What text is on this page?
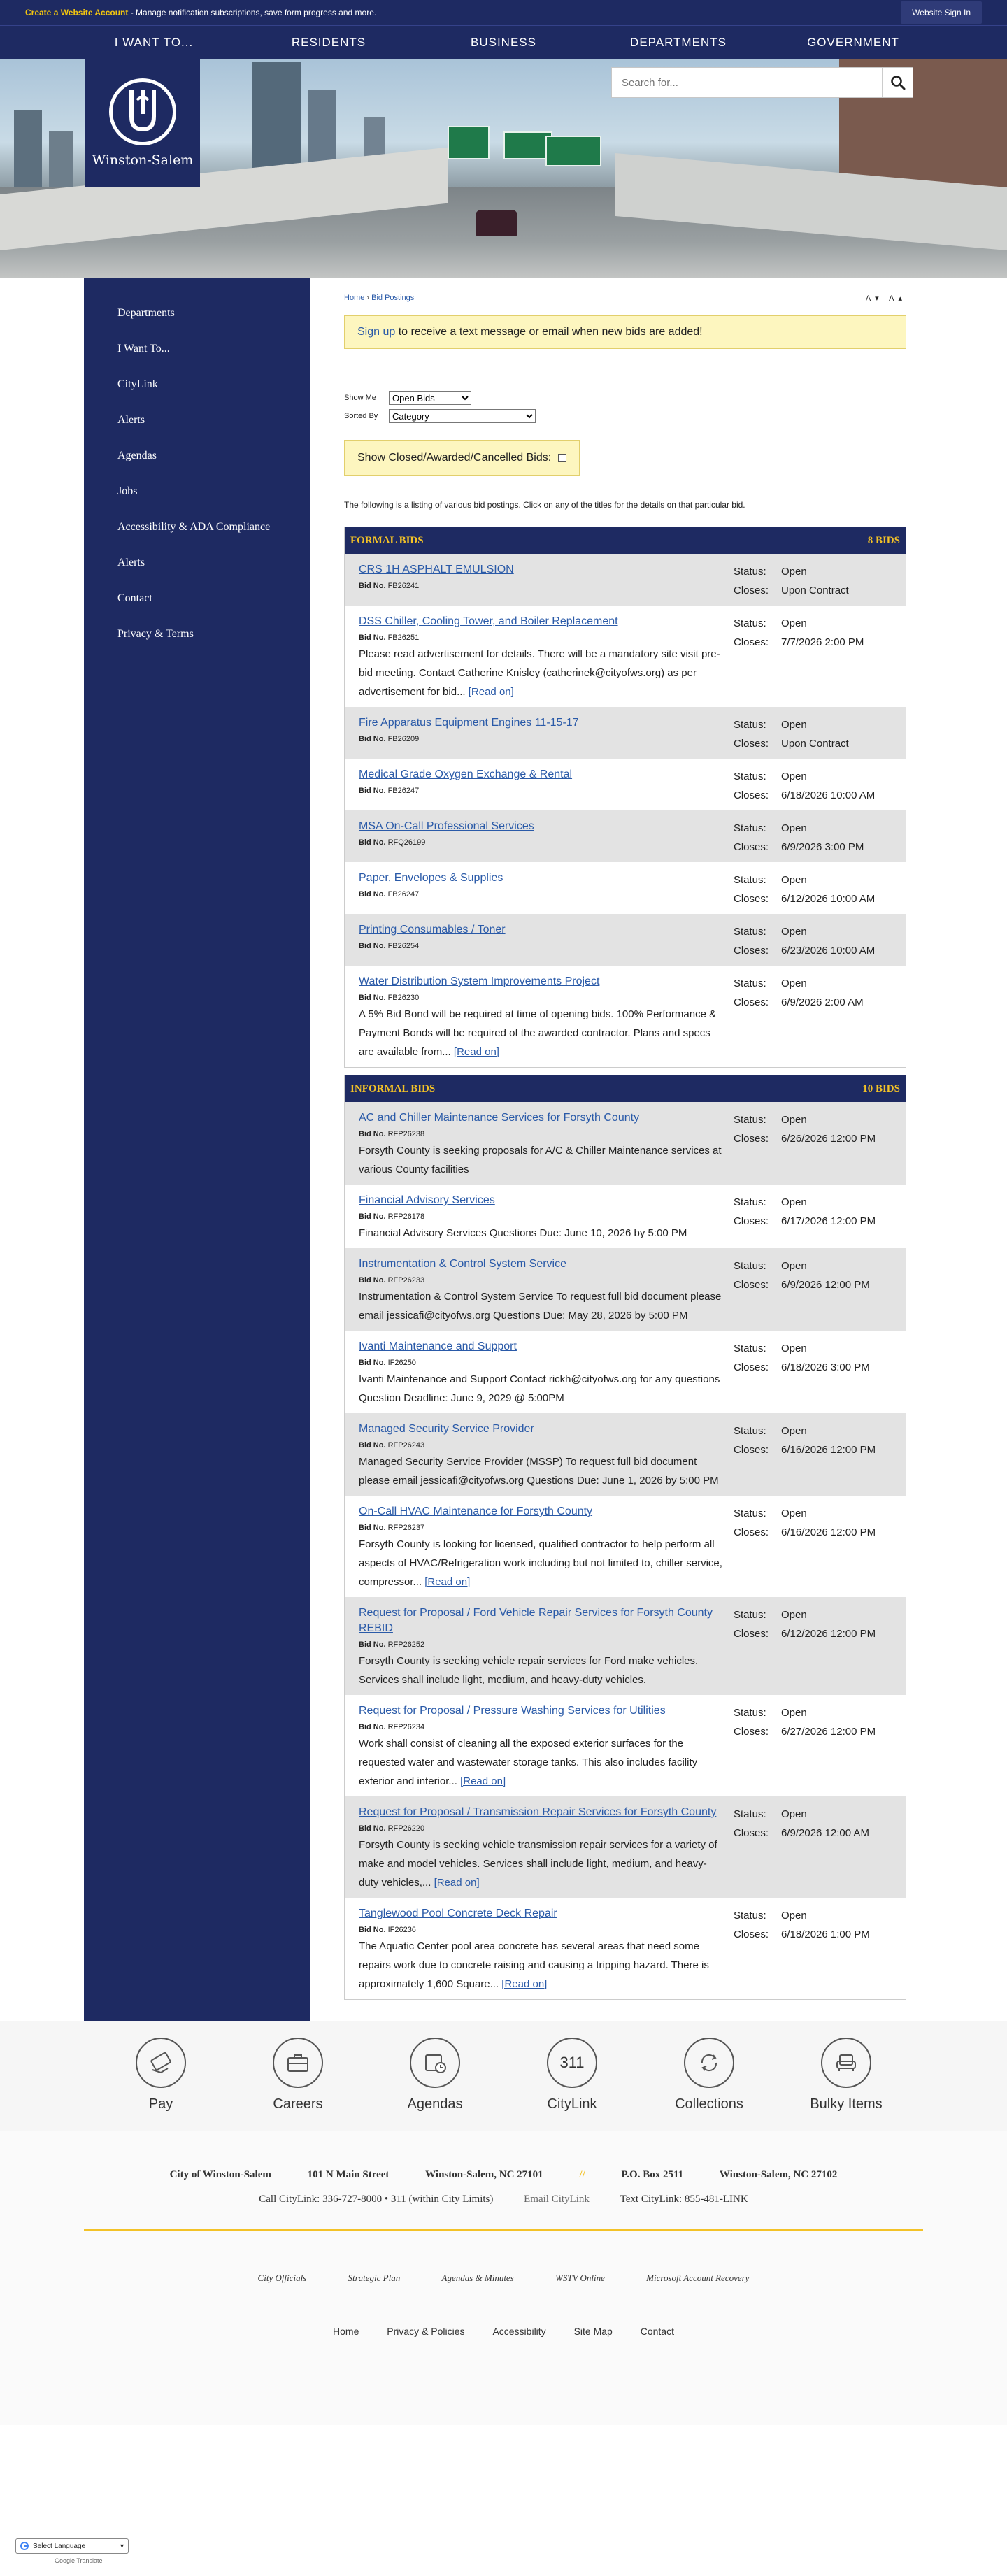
Create a Website Account - Manage notification subscriptions, save form progress and more.	Website Sign In
I WANT TO...	RESIDENTS	BUSINESS	DEPARTMENTS	GOVERNMENT
Winston-Salem
Search for...
Departments
I Want To...
CityLink
Alerts
Agendas
Jobs
Accessibility & ADA Compliance
Alerts
Contact
Privacy & Terms
Home › Bid Postings	A▾ A▴
Sign up to receive a text message or email when new bids are added!
Show Me
Open Bids
Sorted By
Category
Show Closed/Awarded/Cancelled Bids:
The following is a listing of various bid postings. Click on any of the titles for the details on that particular bid.
FORMAL BIDS	8 BIDS
CRS 1H ASPHALT EMULSION
Bid No. FB26241
Status:	Open
Closes:	Upon Contract
DSS Chiller, Cooling Tower, and Boiler Replacement
Bid No. FB26251
Please read advertisement for details. There will be a mandatory site visit pre-bid meeting. Contact Catherine Knisley (catherinek@cityofws.org) as per advertisement for bid... [Read on]
Status:	Open
Closes:	7/7/2026 2:00 PM
Fire Apparatus Equipment Engines 11-15-17
Bid No. FB26209
Status:	Open
Closes:	Upon Contract
Medical Grade Oxygen Exchange & Rental
Bid No. FB26247
Status:	Open
Closes:	6/18/2026 10:00 AM
MSA On-Call Professional Services
Bid No. RFQ26199
Status:	Open
Closes:	6/9/2026 3:00 PM
Paper, Envelopes & Supplies
Bid No. FB26247
Status:	Open
Closes:	6/12/2026 10:00 AM
Printing Consumables / Toner
Bid No. FB26254
Status:	Open
Closes:	6/23/2026 10:00 AM
Water Distribution System Improvements Project
Bid No. FB26230
A 5% Bid Bond will be required at time of opening bids. 100% Performance & Payment Bonds will be required of the awarded contractor. Plans and specs are available from... [Read on]
Status:	Open
Closes:	6/9/2026 2:00 AM
INFORMAL BIDS	10 BIDS
AC and Chiller Maintenance Services for Forsyth County
Bid No. RFP26238
Forsyth County is seeking proposals for A/C & Chiller Maintenance services at various County facilities
Status:	Open
Closes:	6/26/2026 12:00 PM
Financial Advisory Services
Bid No. RFP26178
Financial Advisory Services Questions Due: June 10, 2026 by 5:00 PM
Status:	Open
Closes:	6/17/2026 12:00 PM
Instrumentation & Control System Service
Bid No. RFP26233
Instrumentation & Control System Service To request full bid document please email jessicafi@cityofws.org Questions Due: May 28, 2026 by 5:00 PM
Status:	Open
Closes:	6/9/2026 12:00 PM
Ivanti Maintenance and Support
Bid No. IF26250
Ivanti Maintenance and Support Contact rickh@cityofws.org for any questions Question Deadline: June 9, 2029 @ 5:00PM
Status:	Open
Closes:	6/18/2026 3:00 PM
Managed Security Service Provider
Bid No. RFP26243
Managed Security Service Provider (MSSP) To request full bid document please email jessicafi@cityofws.org Questions Due: June 1, 2026 by 5:00 PM
Status:	Open
Closes:	6/16/2026 12:00 PM
On-Call HVAC Maintenance for Forsyth County
Bid No. RFP26237
Forsyth County is looking for licensed, qualified contractor to help perform all aspects of HVAC/Refrigeration work including but not limited to, chiller service, compressor... [Read on]
Status:	Open
Closes:	6/16/2026 12:00 PM
Request for Proposal / Ford Vehicle Repair Services for Forsyth County REBID
Bid No. RFP26252
Forsyth County is seeking vehicle repair services for Ford make vehicles. Services shall include light, medium, and heavy-duty vehicles.
Status:	Open
Closes:	6/12/2026 12:00 PM
Request for Proposal / Pressure Washing Services for Utilities
Bid No. RFP26234
Work shall consist of cleaning all the exposed exterior surfaces for the requested water and wastewater storage tanks. This also includes facility exterior and interior... [Read on]
Status:	Open
Closes:	6/27/2026 12:00 PM
Request for Proposal / Transmission Repair Services for Forsyth County
Bid No. RFP26220
Forsyth County is seeking vehicle transmission repair services for a variety of make and model vehicles. Services shall include light, medium, and heavy-duty vehicles,... [Read on]
Status:	Open
Closes:	6/9/2026 12:00 AM
Tanglewood Pool Concrete Deck Repair
Bid No. IF26236
The Aquatic Center pool area concrete has several areas that need some repairs work due to concrete raising and causing a tripping hazard. There is approximately 1,600 Square... [Read on]
Status:	Open
Closes:	6/18/2026 1:00 PM
Pay	Careers	Agendas
311
CityLink	Collections	Bulky Items
City of Winston-Salem	101 N Main Street	Winston-Salem, NC 27101	//	P.O. Box 2511	Winston-Salem, NC 27102
Call CityLink: 336-727-8000 • 311 (within City Limits)	Email CityLink	Text CityLink: 855-481-LINK
City Officials	Strategic Plan	Agendas & Minutes	WSTV Online	Microsoft Account Recovery
Home	Privacy & Policies	Accessibility	Site Map	Contact
Select Language	▾
Google Translate
